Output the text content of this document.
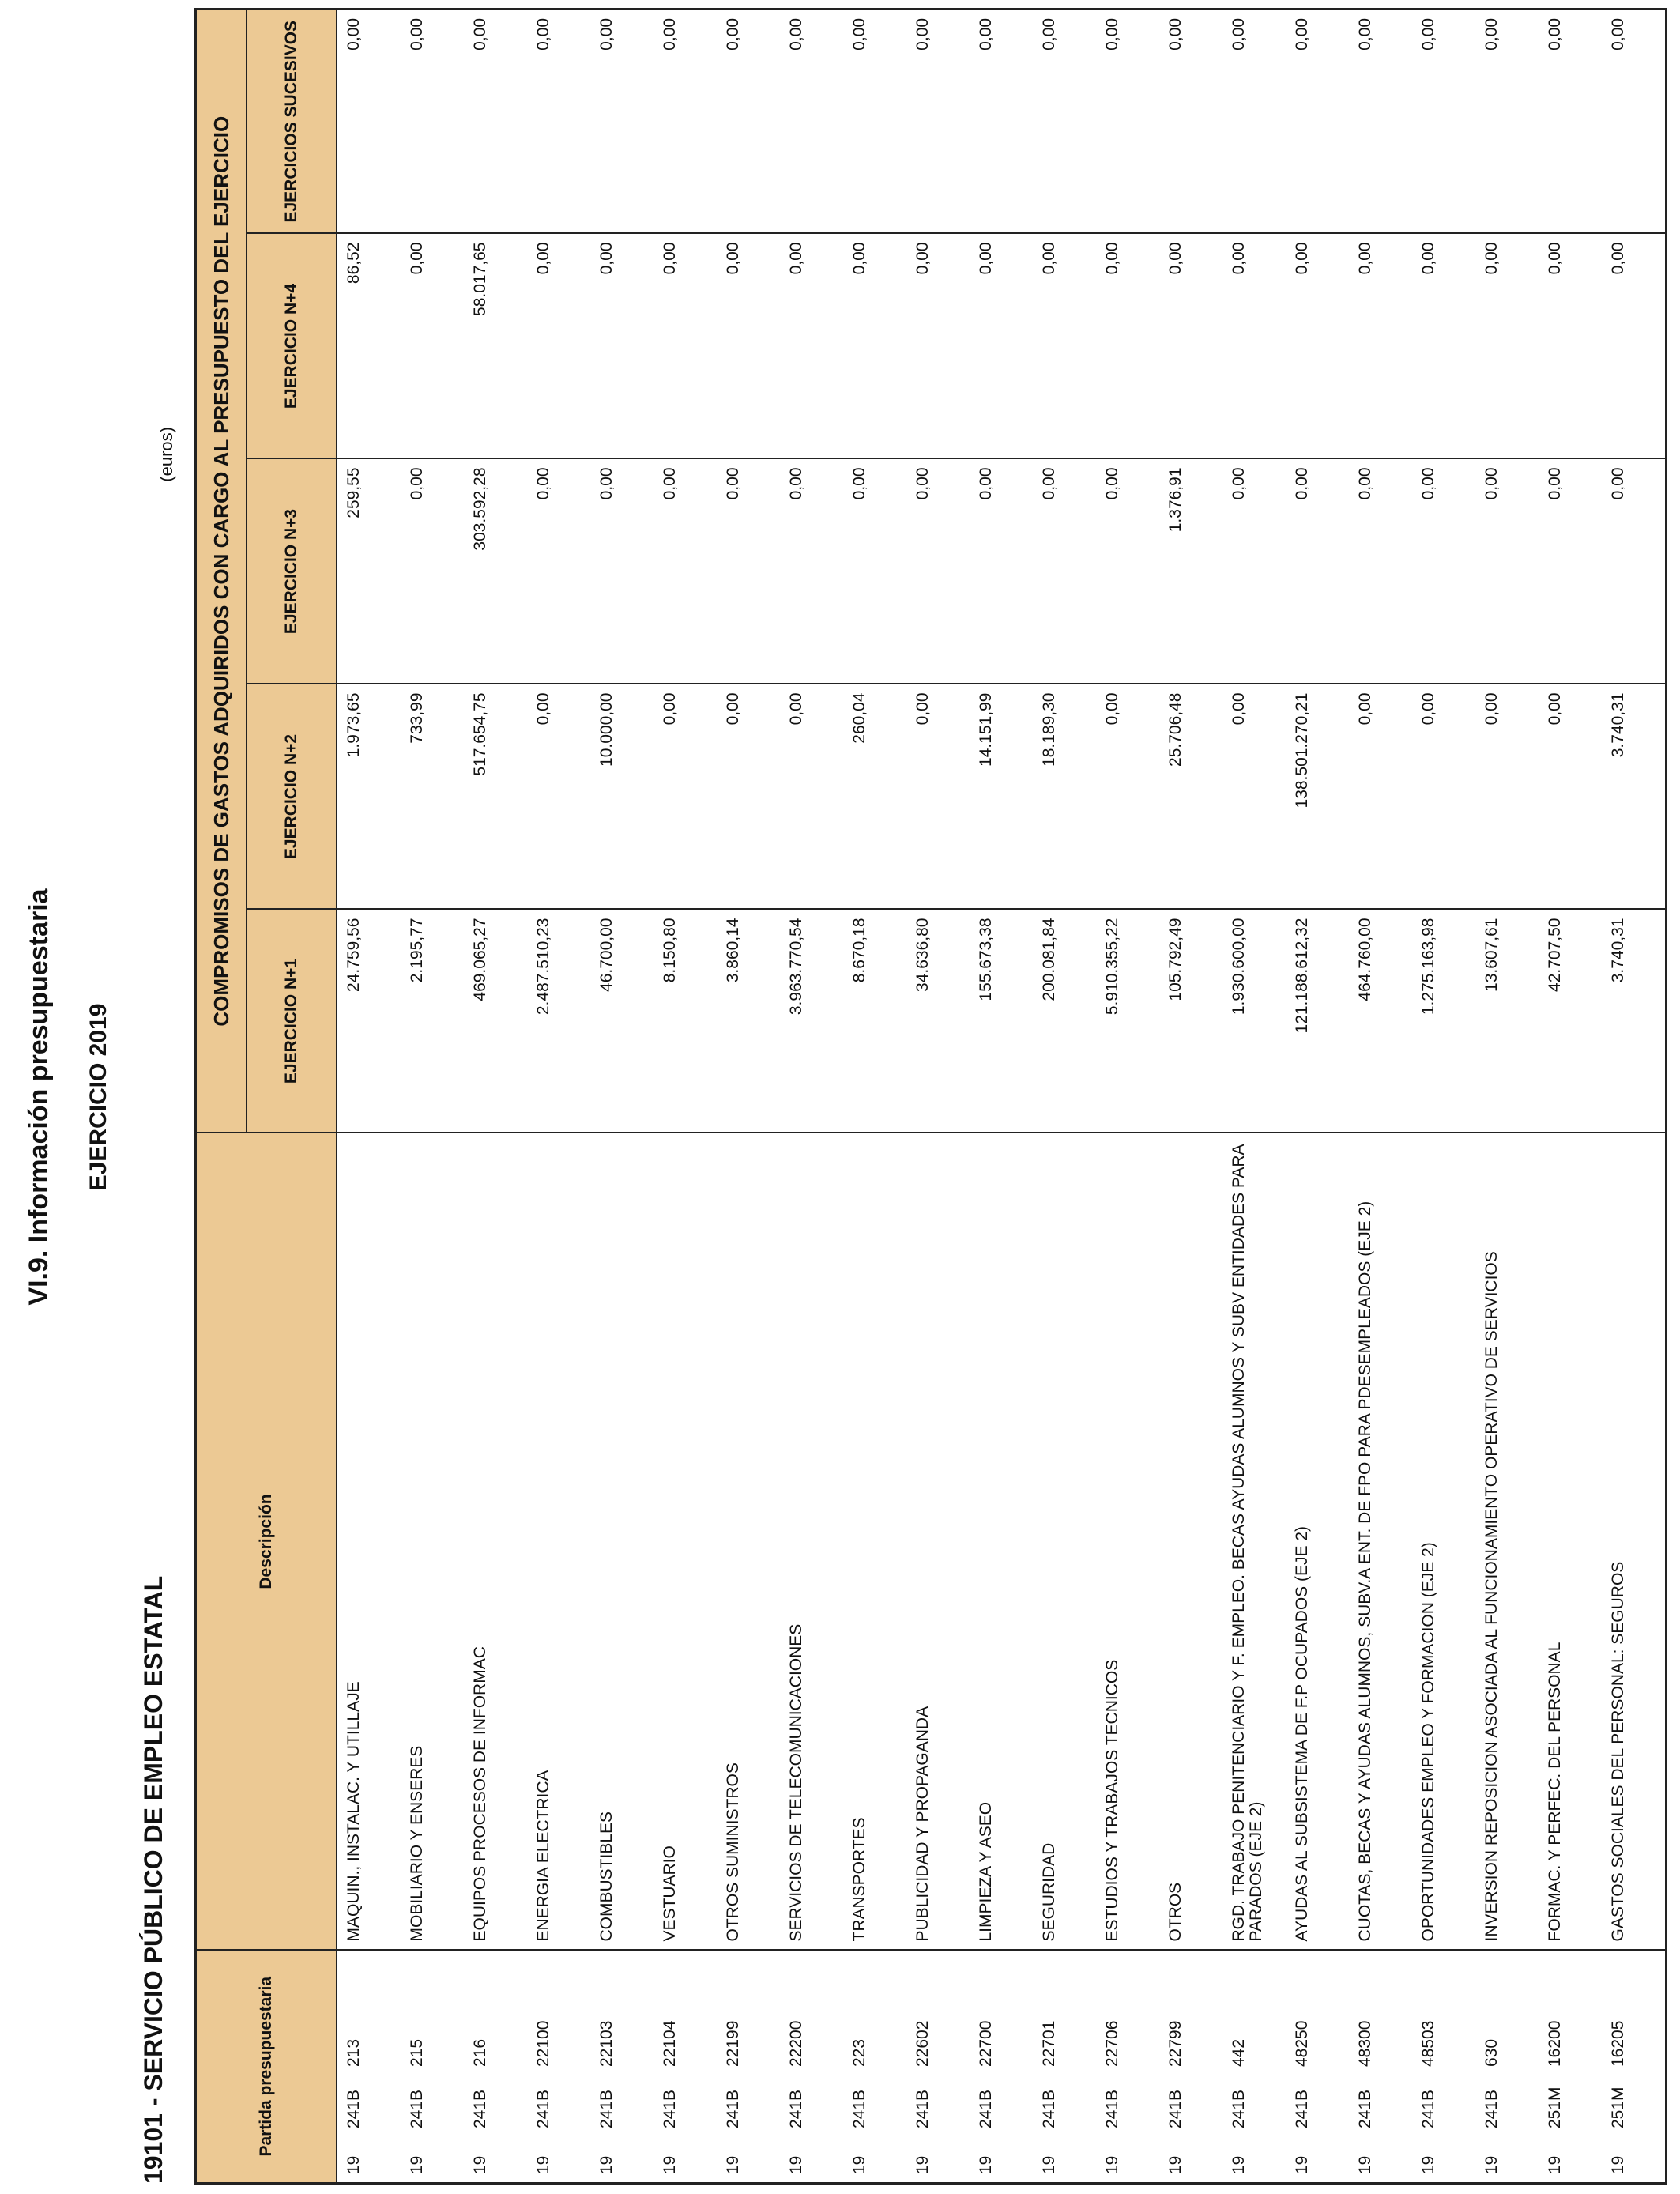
VI.9. Información presupuestaria EJERCICIO 2019
19101 - SERVICIO PÚBLICO DE EMPLEO ESTATAL
(euros)
Partida presupuestaria	Descripción	COMPROMISOS DE GASTOS ADQUIRIDOS CON CARGO AL PRESUPUESTO DEL EJERCICIO				
		EJERCICIO N+1	EJERCICIO N+2	EJERCICIO N+3	EJERCICIO N+4	EJERCICIOS SUCESIVOS
19241B213	MAQUIN., INSTALAC. Y UTILLAJE	24.759,56	1.973,65	259,55	86,52	0,00
19241B215	MOBILIARIO Y ENSERES	2.195,77	733,99	0,00	0,00	0,00
19241B216	EQUIPOS PROCESOS DE INFORMAC	469.065,27	517.654,75	303.592,28	58.017,65	0,00
19241B22100	ENERGIA ELECTRICA	2.487.510,23	0,00	0,00	0,00	0,00
19241B22103	COMBUSTIBLES	46.700,00	10.000,00	0,00	0,00	0,00
19241B22104	VESTUARIO	8.150,80	0,00	0,00	0,00	0,00
19241B22199	OTROS SUMINISTROS	3.860,14	0,00	0,00	0,00	0,00
19241B22200	SERVICIOS DE TELECOMUNICACIONES	3.963.770,54	0,00	0,00	0,00	0,00
19241B223	TRANSPORTES	8.670,18	260,04	0,00	0,00	0,00
19241B22602	PUBLICIDAD Y PROPAGANDA	34.636,80	0,00	0,00	0,00	0,00
19241B22700	LIMPIEZA Y ASEO	155.673,38	14.151,99	0,00	0,00	0,00
19241B22701	SEGURIDAD	200.081,84	18.189,30	0,00	0,00	0,00
19241B22706	ESTUDIOS Y TRABAJOS TECNICOS	5.910.355,22	0,00	0,00	0,00	0,00
19241B22799	OTROS	105.792,49	25.706,48	1.376,91	0,00	0,00
19241B442	RGD. TRABAJO PENITENCIARIO Y F. EMPLEO. BECAS AYUDAS ALUMNOS Y SUBV ENTIDADES PARA PARADOS (EJE 2)	1.930.600,00	0,00	0,00	0,00	0,00
19241B48250	AYUDAS AL SUBSISTEMA DE F.P OCUPADOS (EJE 2)	121.188.612,32	138.501.270,21	0,00	0,00	0,00
19241B48300	CUOTAS, BECAS Y AYUDAS ALUMNOS, SUBV.A ENT. DE FPO PARA PDESEMPLEADOS (EJE 2)	464.760,00	0,00	0,00	0,00	0,00
19241B48503	OPORTUNIDADES EMPLEO Y FORMACION (EJE 2)	1.275.163,98	0,00	0,00	0,00	0,00
19241B630	INVERSION REPOSICION ASOCIADA AL FUNCIONAMIENTO OPERATIVO DE SERVICIOS	13.607,61	0,00	0,00	0,00	0,00
19251M16200	FORMAC. Y PERFEC. DEL PERSONAL	42.707,50	0,00	0,00	0,00	0,00
19251M16205	GASTOS SOCIALES DEL PERSONAL: SEGUROS	3.740,31	3.740,31	0,00	0,00	0,00
